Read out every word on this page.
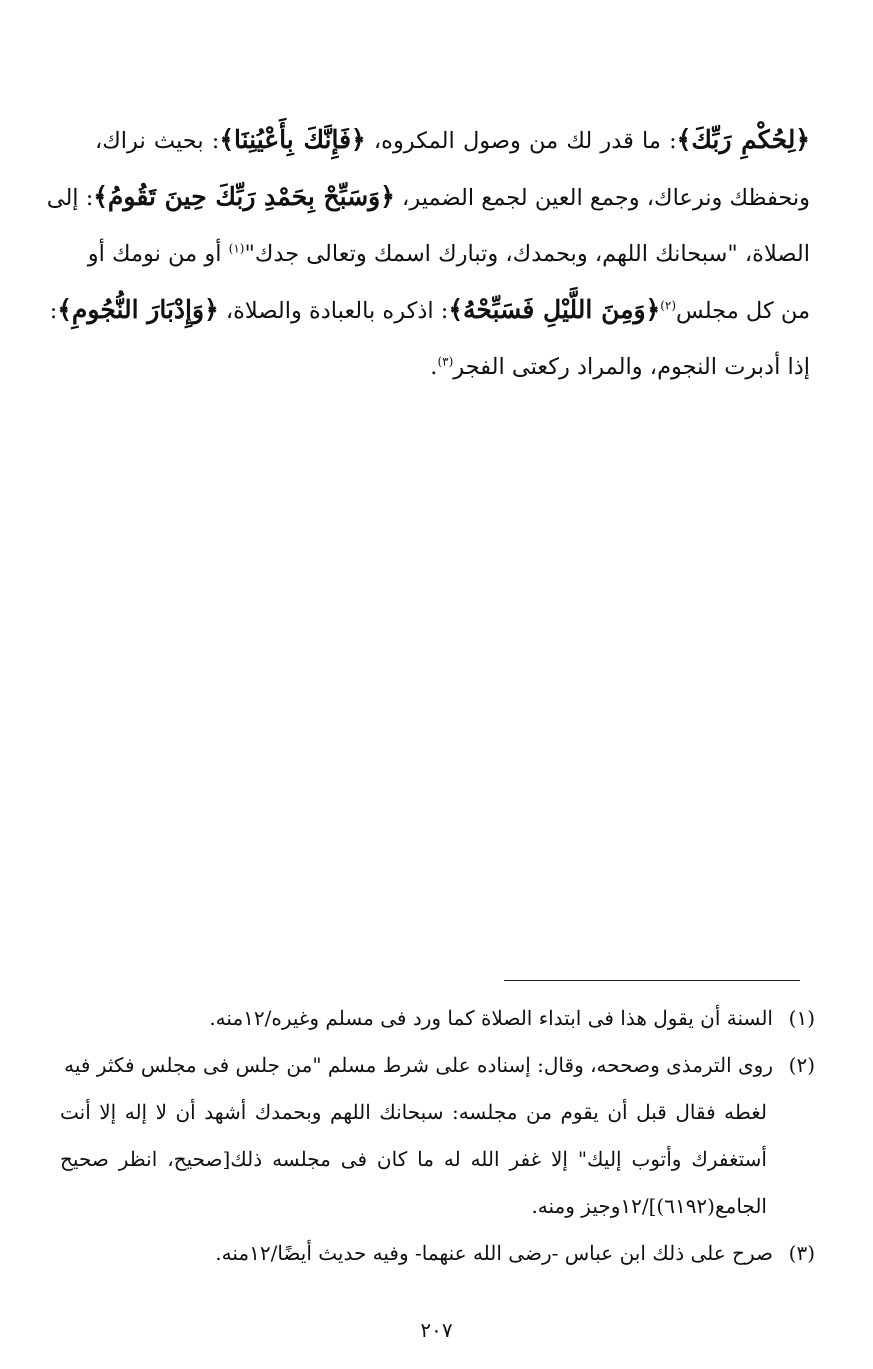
﴿لِحُكْمِ رَبِّكَ﴾: ما قدر لك من وصول المكروه، ﴿فَإِنَّكَ بِأَعْيُنِنَا﴾: بحيث نراك،
ونحفظك ونرعاك، وجمع العين لجمع الضمير، ﴿وَسَبِّحْ بِحَمْدِ رَبِّكَ حِينَ تَقُومُ﴾: إلى
الصلاة، "سبحانك اللهم، وبحمدك، وتبارك اسمك وتعالى جدك"$^{(١)}$ أو من نومك أو
من كل مجلس$^{(٢)}$﴿وَمِنَ اللَّيْلِ فَسَبِّحْهُ﴾: اذكره بالعبادة والصلاة، ﴿وَإِدْبَارَ النُّجُومِ﴾:
إذا أدبرت النجوم، والمراد ركعتى الفجر$^{(٣)}$.
(١)السنة أن يقول هذا فى ابتداء الصلاة كما ورد فى مسلم وغيره/١٢منه.
(٢)روى الترمذى وصححه، وقال: إسناده على شرط مسلم "من جلس فى مجلس فكثر فيه
لغطه فقال قبل أن يقوم من مجلسه: سبحانك اللهم وبحمدك أشهد أن لا إله إلا أنت
أستغفرك وأتوب إليك" إلا غفر الله له ما كان فى مجلسه ذلك[صحيح، انظر صحيح
الجامع(٦١٩٢)]/١٢وجيز ومنه.
(٣)صرح على ذلك ابن عباس -رضى الله عنهما- وفيه حديث أيضًا/١٢منه.
٢٠٧
